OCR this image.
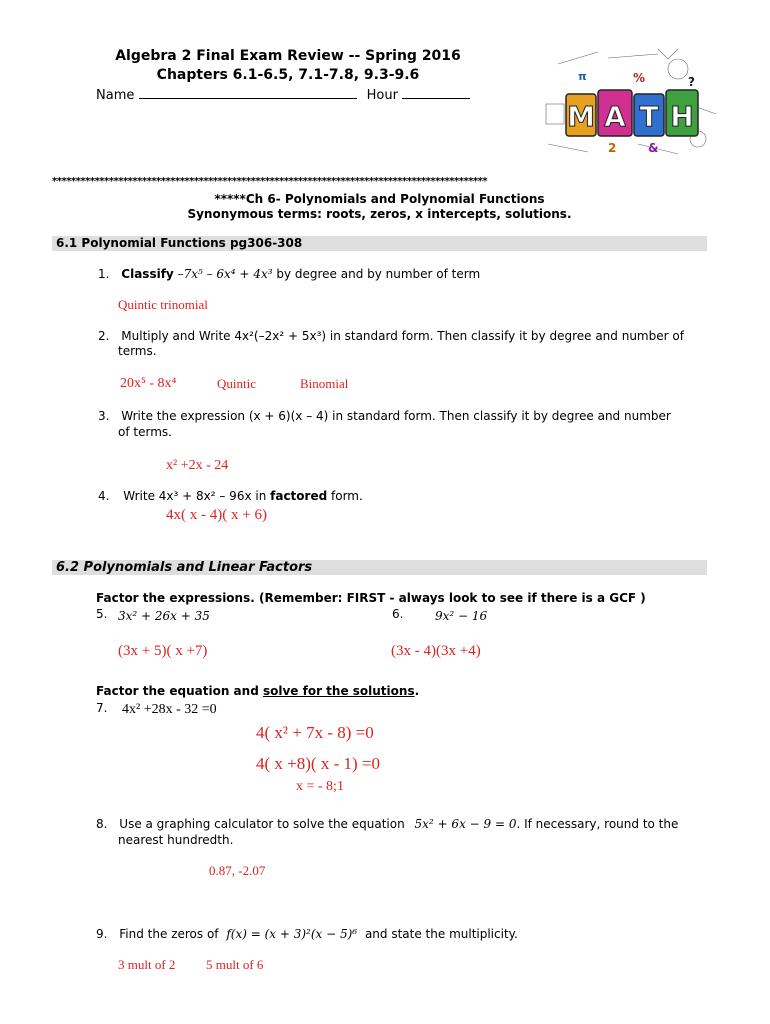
Algebra 2 Final Exam Review -- Spring 2016
Chapters 6.1-6.5, 7.1-7.8, 9.3-9.6
Name	Hour
M A T H
%
π	?
2	&
********************************************************************************************
*****Ch 6- Polynomials and Polynomial Functions
Synonymous terms: roots, zeros, x intercepts, solutions.
6.1 Polynomial Functions pg306-308
1. Classify –7x⁵ – 6x⁴ + 4x³ by degree and by number of term
Quintic trinomial
2. Multiply and Write 4x²(–2x² + 5x³) in standard form. Then classify it by degree and number of
terms.
20x⁵ - 8x⁴	Quintic	Binomial
3. Write the expression (x + 6)(x – 4) in standard form. Then classify it by degree and number
of terms.
x² +2x - 24
4. Write 4x³ + 8x² – 96x in factored form.
4x( x - 4)( x + 6)
6.2 Polynomials and Linear Factors
Factor the expressions. (Remember: FIRST - always look to see if there is a GCF )
5. 3x² + 26x + 35	6.	9x² − 16
(3x + 5)( x +7)	(3x - 4)(3x +4)
Factor the equation and solve for the solutions.
7. 4x² +28x - 32 =0
4( x² + 7x - 8) =0
4( x +8)( x - 1) =0
x = - 8;1
8. Use a graphing calculator to solve the equation 5x² + 6x − 9 = 0. If necessary, round to the
nearest hundredth.
0.87, -2.07
9. Find the zeros of f(x) = (x + 3)²(x − 5)⁶ and state the multiplicity.
3 mult of 2 5 mult of 6
